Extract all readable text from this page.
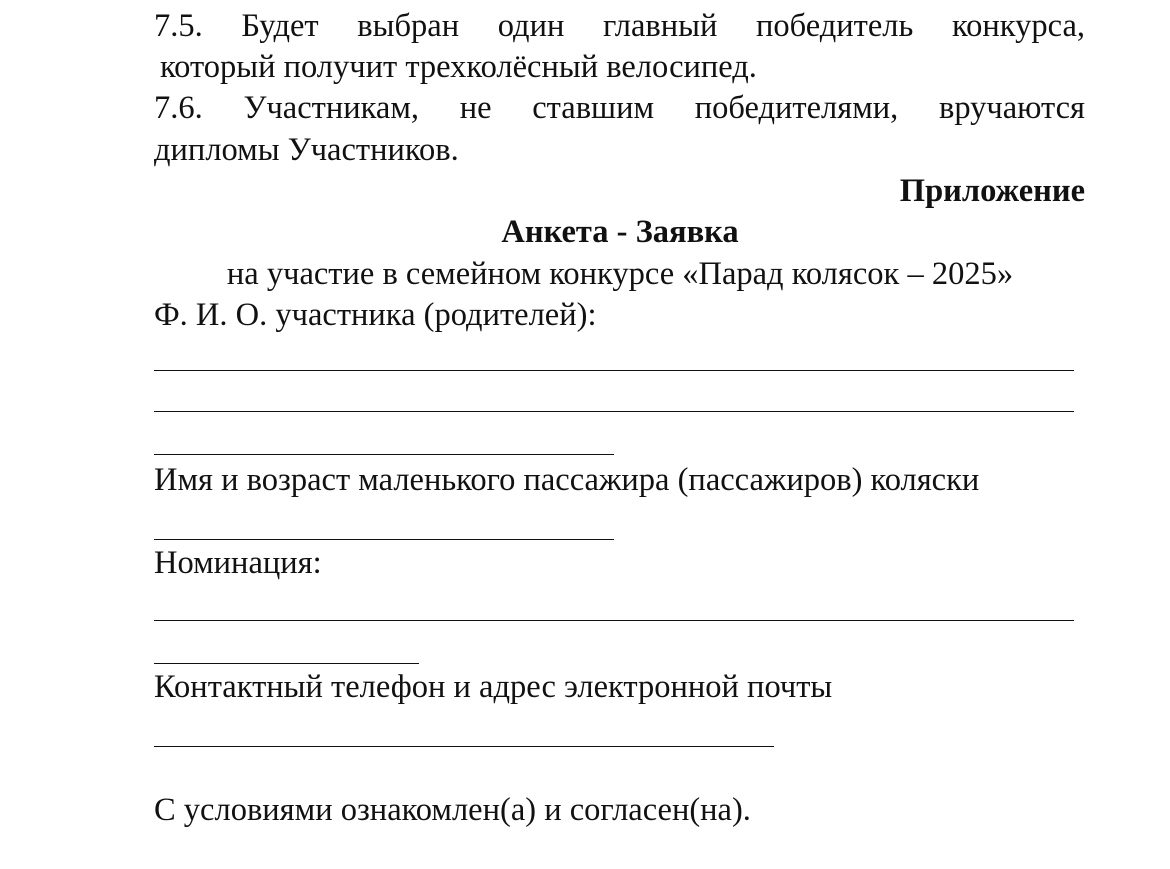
7.5. Будет выбран один главный победитель конкурса,
который получит трехколёсный велосипед.
7.6. Участникам, не ставшим победителями, вручаются
дипломы Участников.
Приложение
Анкета - Заявка
на участие в семейном конкурсе «Парад колясок – 2025»
Ф. И. О. участника (родителей):
Имя и возраст маленького пассажира (пассажиров) коляски
Номинация:
Контактный телефон и адрес электронной почты
С условиями ознакомлен(а) и согласен(на).
